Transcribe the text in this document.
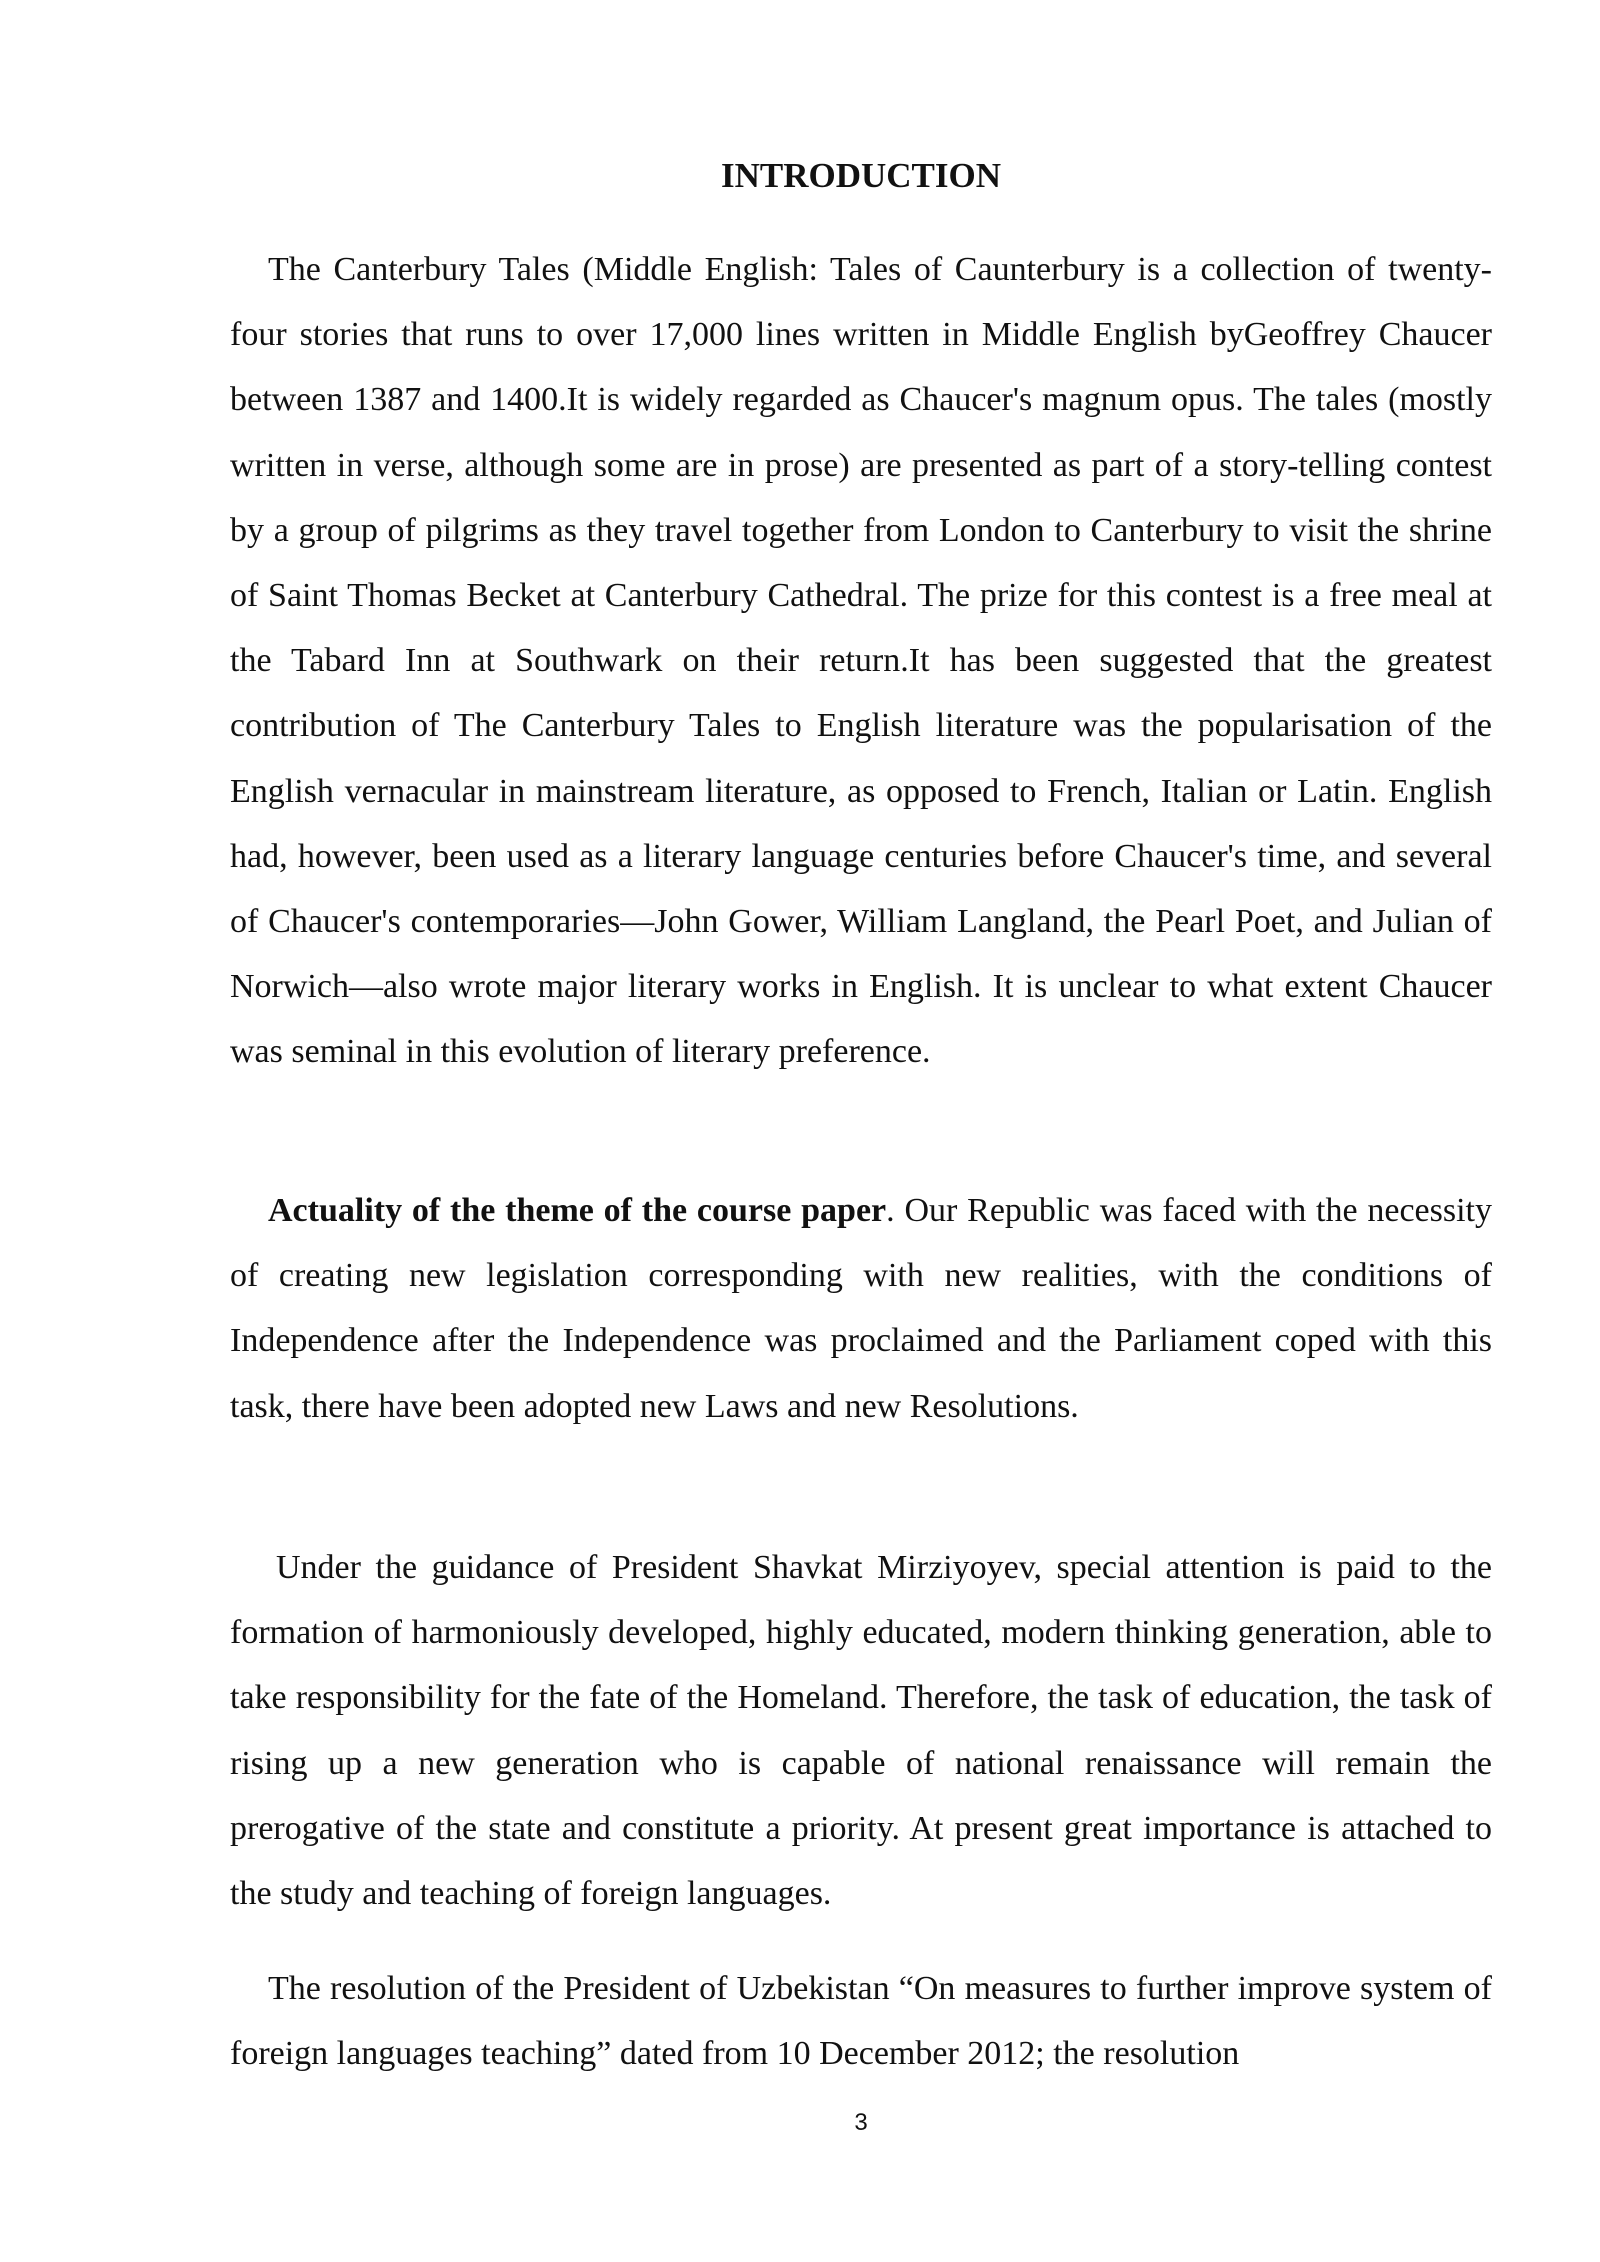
INTRODUCTION

The Canterbury Tales (Middle English: Tales of Caunterbury is a collection of twenty-four stories that runs to over 17,000 lines written in Middle English byGeoffrey Chaucer between 1387 and 1400.It is widely regarded as Chaucer's magnum opus. The tales (mostly written in verse, although some are in prose) are presented as part of a story-telling contest by a group of pilgrims as they travel together from London to Canterbury to visit the shrine of Saint Thomas Becket at Canterbury Cathedral. The prize for this contest is a free meal at the Tabard Inn at Southwark on their return.It has been suggested that the greatest contribution of The Canterbury Tales to English literature was the popularisation of the English vernacular in mainstream literature, as opposed to French, Italian or Latin. English had, however, been used as a literary language centuries before Chaucer's time, and several of Chaucer's contemporaries—John Gower, William Langland, the Pearl Poet, and Julian of Norwich—also wrote major literary works in English. It is unclear to what extent Chaucer was seminal in this evolution of literary preference.

Actuality of the theme of the course paper. Our Republic was faced with the necessity of creating new legislation corresponding with new realities, with the conditions of Independence after the Independence was proclaimed and the Parliament coped with this task, there have been adopted new Laws and new Resolutions.

Under the guidance of President Shavkat Mirziyoyev, special attention is paid to the formation of harmoniously developed, highly educated, modern thinking generation, able to take responsibility for the fate of the Homeland. Therefore, the task of education, the task of rising up a new generation who is capable of national renaissance will remain the prerogative of the state and constitute a priority. At present great importance is attached to the study and teaching of foreign languages.

The resolution of the President of Uzbekistan “On measures to further improve system of foreign languages teaching” dated from 10 December 2012; the resolution

3
